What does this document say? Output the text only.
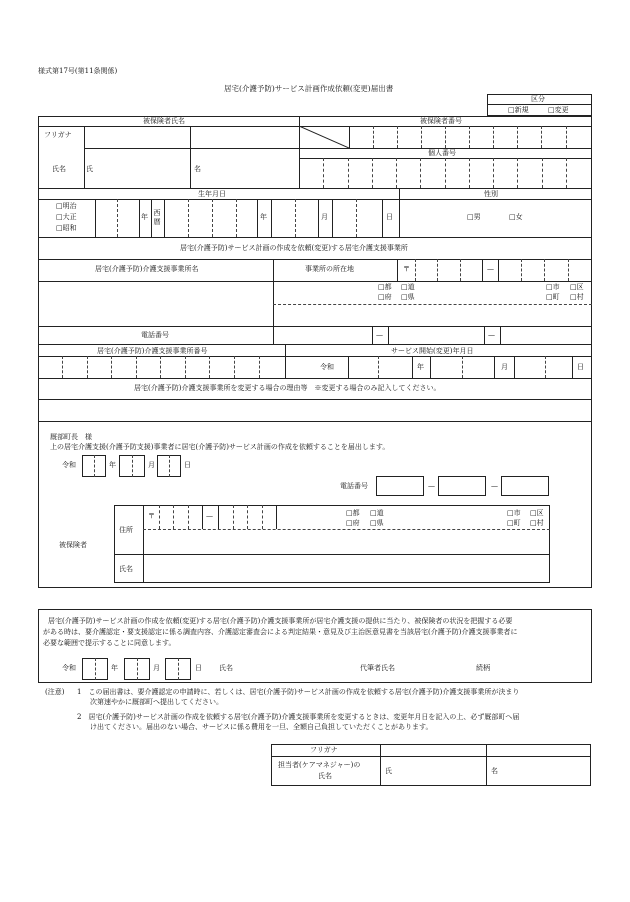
様式第17号(第11条関係)
居宅(介護予防)サービス計画作成依頼(変更)届出書
区分
□新規	□変更
被保険者氏名	被保険者番号
フリガナ
氏名	氏	名
個人番号
生年月日	性別
□明治
□大正
□昭和
年 西暦	年	月	日	□男	□女
居宅(介護予防)サービス計画の作成を依頼(変更)する居宅介護支援事業所
居宅(介護予防)介護支援事業所名	事業所の所在地	〒	—
□都 □道
□府 □県
□市 □区
□町 □村
電話番号	—	—
居宅(介護予防)介護支援事業所番号	サービス開始(変更)年月日
令和	年	月	日
居宅(介護予防)介護支援事業所を変更する場合の理由等　※変更する場合のみ記入してください。
厩部町長　様
上の居宅介護支援(介護予防支援)事業者に居宅(介護予防)サービス計画の作成を依頼することを届出します。
令和	年	月	日
電話番号	—	—
被保険者
住所
〒	—	□都 □道
□府 □県
□市 □区
□町 □村
氏名
居宅(介護予防)サービス計画の作成を依頼(変更)する居宅(介護予防)介護支援事業所が居宅介護支援の提供に当たり、被保険者の状況を把握する必要
がある時は、要介護認定・要支援認定に係る調査内容、介護認定審査会による判定結果・意見及び主治医意見書を当該居宅(介護予防)介護支援事業者に
必要な範囲で提示することに同意します。
令和	年	月	日 氏名	代筆者氏名	続柄
(注意) 1　この届出書は、要介護認定の申請時に、若しくは、居宅(介護予防)サービス計画の作成を依頼する居宅(介護予防)介護支援事業所が決まり
次第速やかに厩部町へ提出してください。
2　居宅(介護予防)サービス計画の作成を依頼する居宅(介護予防)介護支援事業所を変更するときは、変更年月日を記入の上、必ず厩部町へ届
け出てください。届出のない場合、サービスに係る費用を一旦、全額自己負担していただくことがあります。
フリガナ
担当者(ケアマネジャー)の
氏名
氏	名
